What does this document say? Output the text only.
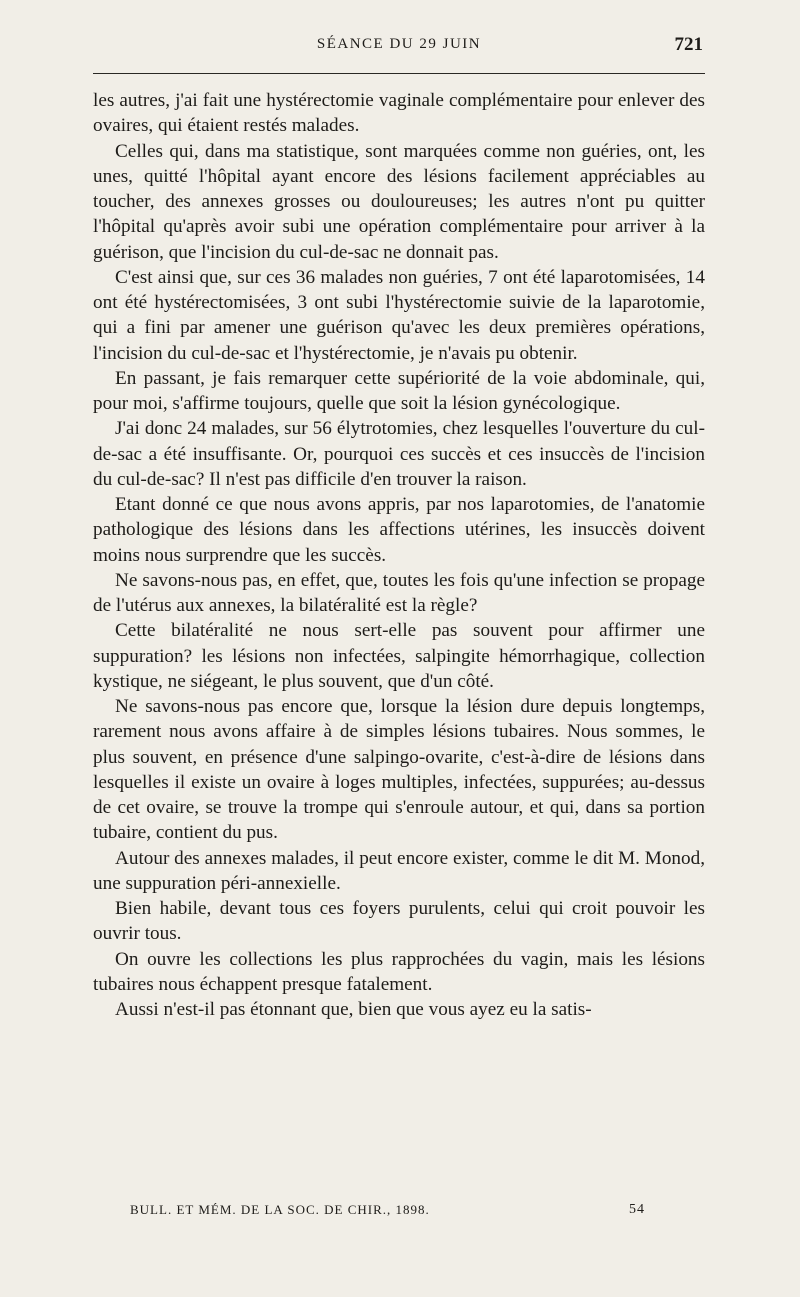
SÉANCE DU 29 JUIN	721

les autres, j'ai fait une hystérectomie vaginale complémentaire pour enlever des ovaires, qui étaient restés malades.

Celles qui, dans ma statistique, sont marquées comme non guéries, ont, les unes, quitté l'hôpital ayant encore des lésions facilement appréciables au toucher, des annexes grosses ou douloureuses; les autres n'ont pu quitter l'hôpital qu'après avoir subi une opération complémentaire pour arriver à la guérison, que l'incision du cul-de-sac ne donnait pas.

C'est ainsi que, sur ces 36 malades non guéries, 7 ont été laparotomisées, 14 ont été hystérectomisées, 3 ont subi l'hystérectomie suivie de la laparotomie, qui a fini par amener une guérison qu'avec les deux premières opérations, l'incision du cul-de-sac et l'hystérectomie, je n'avais pu obtenir.

En passant, je fais remarquer cette supériorité de la voie abdominale, qui, pour moi, s'affirme toujours, quelle que soit la lésion gynécologique.

J'ai donc 24 malades, sur 56 élytrotomies, chez lesquelles l'ouverture du cul-de-sac a été insuffisante. Or, pourquoi ces succès et ces insuccès de l'incision du cul-de-sac? Il n'est pas difficile d'en trouver la raison.

Etant donné ce que nous avons appris, par nos laparotomies, de l'anatomie pathologique des lésions dans les affections utérines, les insuccès doivent moins nous surprendre que les succès.

Ne savons-nous pas, en effet, que, toutes les fois qu'une infection se propage de l'utérus aux annexes, la bilatéralité est la règle?

Cette bilatéralité ne nous sert-elle pas souvent pour affirmer une suppuration? les lésions non infectées, salpingite hémorrhagique, collection kystique, ne siégeant, le plus souvent, que d'un côté.

Ne savons-nous pas encore que, lorsque la lésion dure depuis longtemps, rarement nous avons affaire à de simples lésions tubaires. Nous sommes, le plus souvent, en présence d'une salpingo-ovarite, c'est-à-dire de lésions dans lesquelles il existe un ovaire à loges multiples, infectées, suppurées; au-dessus de cet ovaire, se trouve la trompe qui s'enroule autour, et qui, dans sa portion tubaire, contient du pus.

Autour des annexes malades, il peut encore exister, comme le dit M. Monod, une suppuration péri-annexielle.

Bien habile, devant tous ces foyers purulents, celui qui croit pouvoir les ouvrir tous.

On ouvre les collections les plus rapprochées du vagin, mais les lésions tubaires nous échappent presque fatalement.

Aussi n'est-il pas étonnant que, bien que vous ayez eu la satis-

BULL. ET MÉM. DE LA SOC. DE CHIR., 1898.	54
